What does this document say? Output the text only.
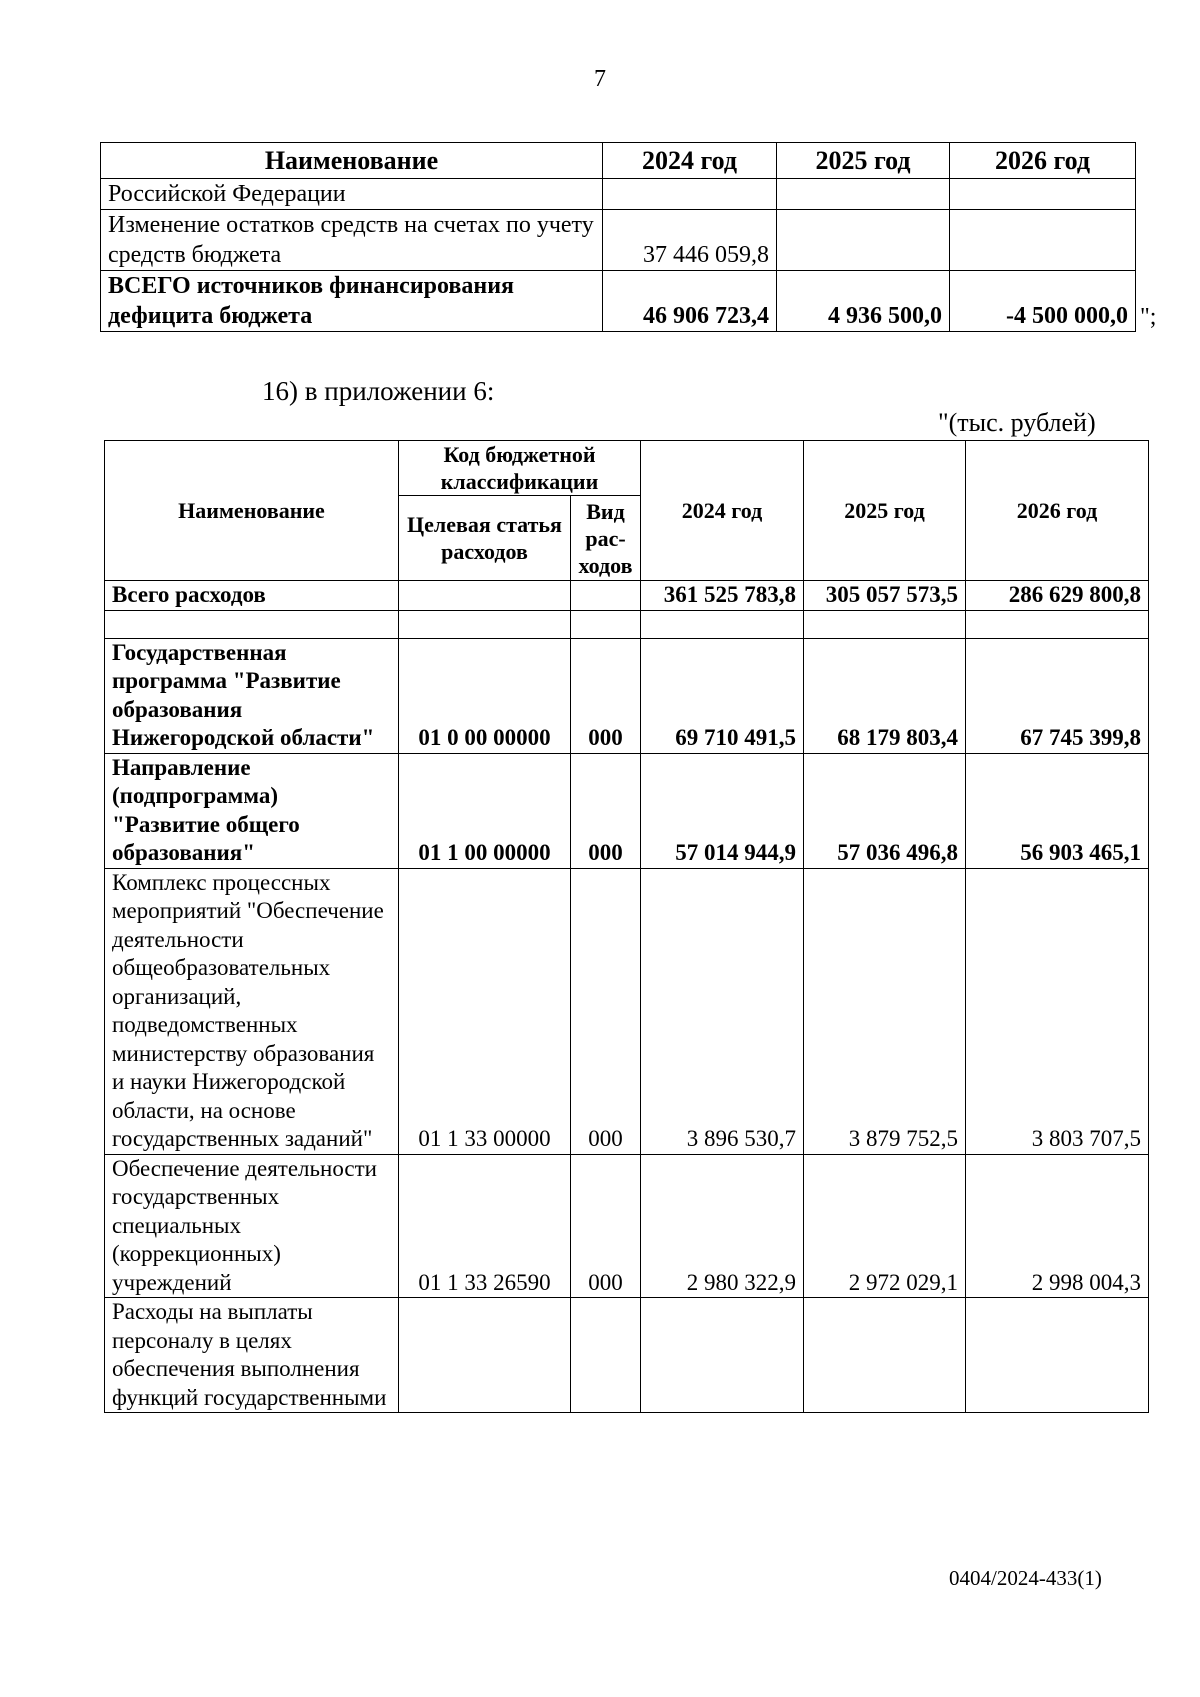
7
Наименование	2024 год	2025 год	2026 год
Российской Федерации			
Изменение остатков средств на счетах по учету средств бюджета	37 446 059,8		
ВСЕГО источников финансирования дефицита бюджета	46 906 723,4	4 936 500,0	-4 500 000,0 ";
16) в приложении 6:
"(тыс. рублей)
Наименование	Код бюджетной классификации		2024 год	2025 год	2026 год
	Целевая статья расходов	Вид рас-ходов			
Всего расходов			361 525 783,8	305 057 573,5	286 629 800,8

Государственная программа "Развитие образования Нижегородской области"	01 0 00 00000	000	69 710 491,5	68 179 803,4	67 745 399,8
Направление (подпрограмма) "Развитие общего образования"	01 1 00 00000	000	57 014 944,9	57 036 496,8	56 903 465,1
Комплекс процессных мероприятий "Обеспечение деятельности общеобразовательных организаций, подведомственных министерству образования и науки Нижегородской области, на основе государственных заданий"	01 1 33 00000	000	3 896 530,7	3 879 752,5	3 803 707,5
Обеспечение деятельности государственных специальных (коррекционных) учреждений	01 1 33 26590	000	2 980 322,9	2 972 029,1	2 998 004,3
Расходы на выплаты персоналу в целях обеспечения выполнения функций государственными					
0404/2024-433(1)
